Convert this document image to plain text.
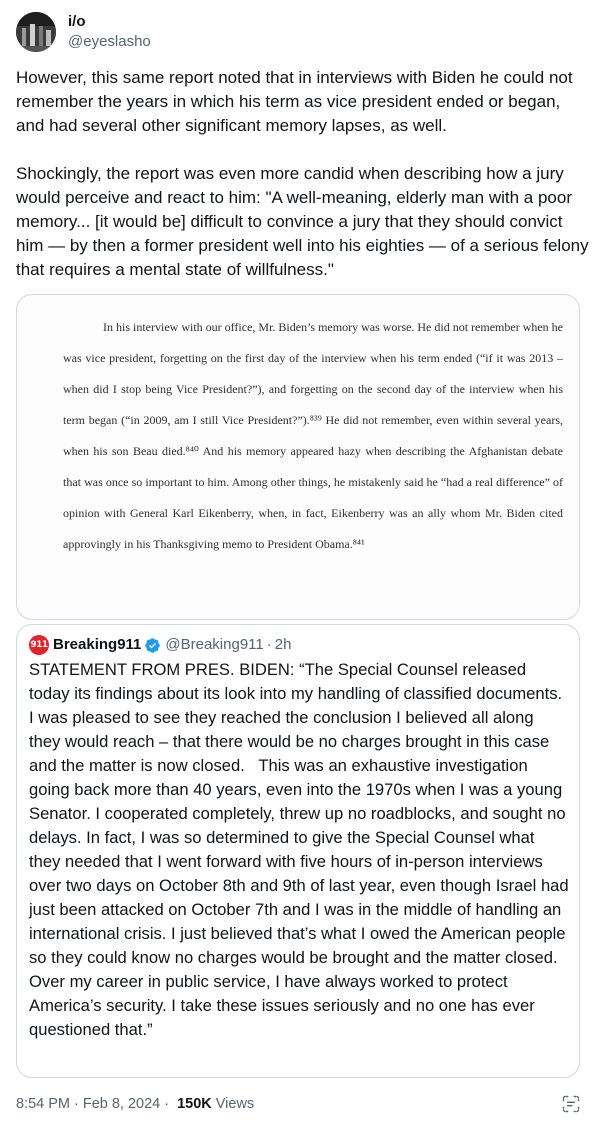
i/o
@eyeslasho

However, this same report noted that in interviews with Biden he could not remember the years in which his term as vice president ended or began, and had several other significant memory lapses, as well.

Shockingly, the report was even more candid when describing how a jury would perceive and react to him: "A well-meaning, elderly man with a poor memory... [it would be] difficult to convince a jury that they should convict him — by then a former president well into his eighties — of a serious felony that requires a mental state of willfulness."

In his interview with our office, Mr. Biden’s memory was worse. He did not remember when he was vice president, forgetting on the first day of the interview when his term ended (“if it was 2013 – when did I stop being Vice President?”), and forgetting on the second day of the interview when his term began (“in 2009, am I still Vice President?”).⁸³⁹ He did not remember, even within several years, when his son Beau died.⁸⁴⁰ And his memory appeared hazy when describing the Afghanistan debate that was once so important to him. Among other things, he mistakenly said he “had a real difference” of opinion with General Karl Eikenberry, when, in fact, Eikenberry was an ally whom Mr. Biden cited approvingly in his Thanksgiving memo to President Obama.⁸⁴¹
911 Breaking911 @Breaking911 · 2h
STATEMENT FROM PRES. BIDEN: “The Special Counsel released today its findings about its look into my handling of classified documents. I was pleased to see they reached the conclusion I believed all along they would reach – that there would be no charges brought in this case and the matter is now closed.   This was an exhaustive investigation going back more than 40 years, even into the 1970s when I was a young Senator. I cooperated completely, threw up no roadblocks, and sought no delays. In fact, I was so determined to give the Special Counsel what they needed that I went forward with five hours of in-person interviews over two days on October 8th and 9th of last year, even though Israel had just been attacked on October 7th and I was in the middle of handling an international crisis. I just believed that’s what I owed the American people so they could know no charges would be brought and the matter closed.   Over my career in public service, I have always worked to protect America’s security. I take these issues seriously and no one has ever questioned that.”
8:54 PM · Feb 8, 2024 · 150K Views
